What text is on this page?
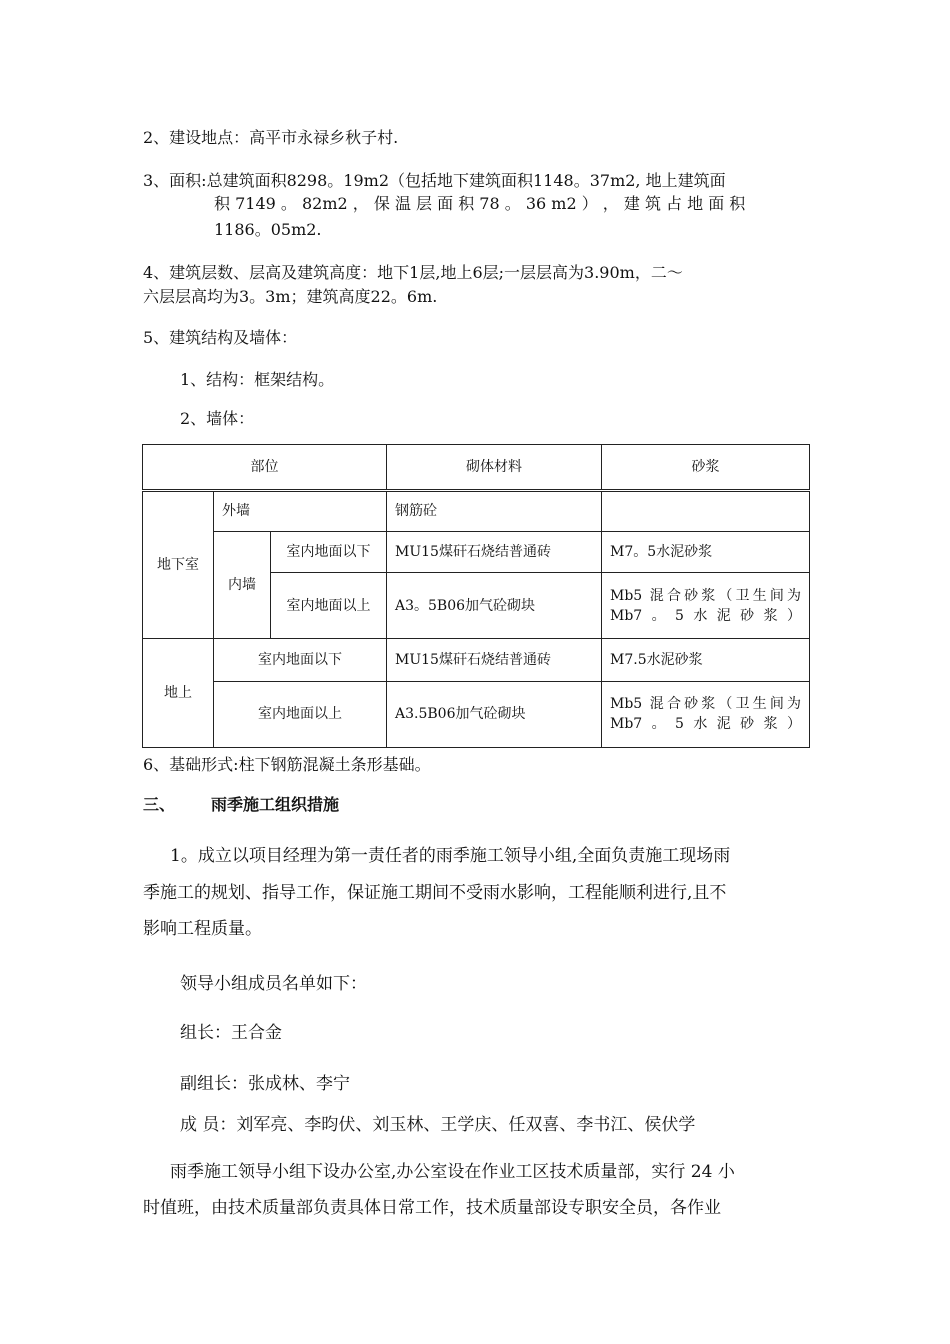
2、建设地点：高平市永禄乡秋子村.
3、面积:总建筑面积8298。19m2（包括地下建筑面积1148。37m2, 地上建筑面
积 7149 。 82m2 ， 保 温 层 面 积 78 。 36 m2 ） ， 建 筑 占 地 面 积
1186。05m2.
4、建筑层数、层高及建筑高度：地下1层,地上6层;一层层高为3.90m，二～
六层层高均为3。3m；建筑高度22。6m.
5、建筑结构及墙体：
1、结构：框架结构。
2、墙体：
部位			砌体材料	砂浆
地下室	外墙		钢筋砼	
	内墙	室内地面以下	MU15煤矸石烧结普通砖	M7。5水泥砂浆
		室内地面以上	A3。5B06加气砼砌块	Mb5 混合砂浆（卫生间为 Mb7。5水泥砂浆）
地上	室内地面以下		MU15煤矸石烧结普通砖	M7.5水泥砂浆
	室内地面以上		A3.5B06加气砼砌块	Mb5 混合砂浆（卫生间为 Mb7。5水泥砂浆）
6、基础形式:柱下钢筋混凝土条形基础。
三、 雨季施工组织措施
1。成立以项目经理为第一责任者的雨季施工领导小组,全面负责施工现场雨
季施工的规划、指导工作，保证施工期间不受雨水影响，工程能顺利进行,且不
影响工程质量。
领导小组成员名单如下：
组长：王合金
副组长：张成林、李宁
成 员：刘军亮、李昀伏、刘玉林、王学庆、任双喜、李书江、侯伏学
雨季施工领导小组下设办公室,办公室设在作业工区技术质量部，实行 24 小
时值班，由技术质量部负责具体日常工作，技术质量部设专职安全员，各作业
